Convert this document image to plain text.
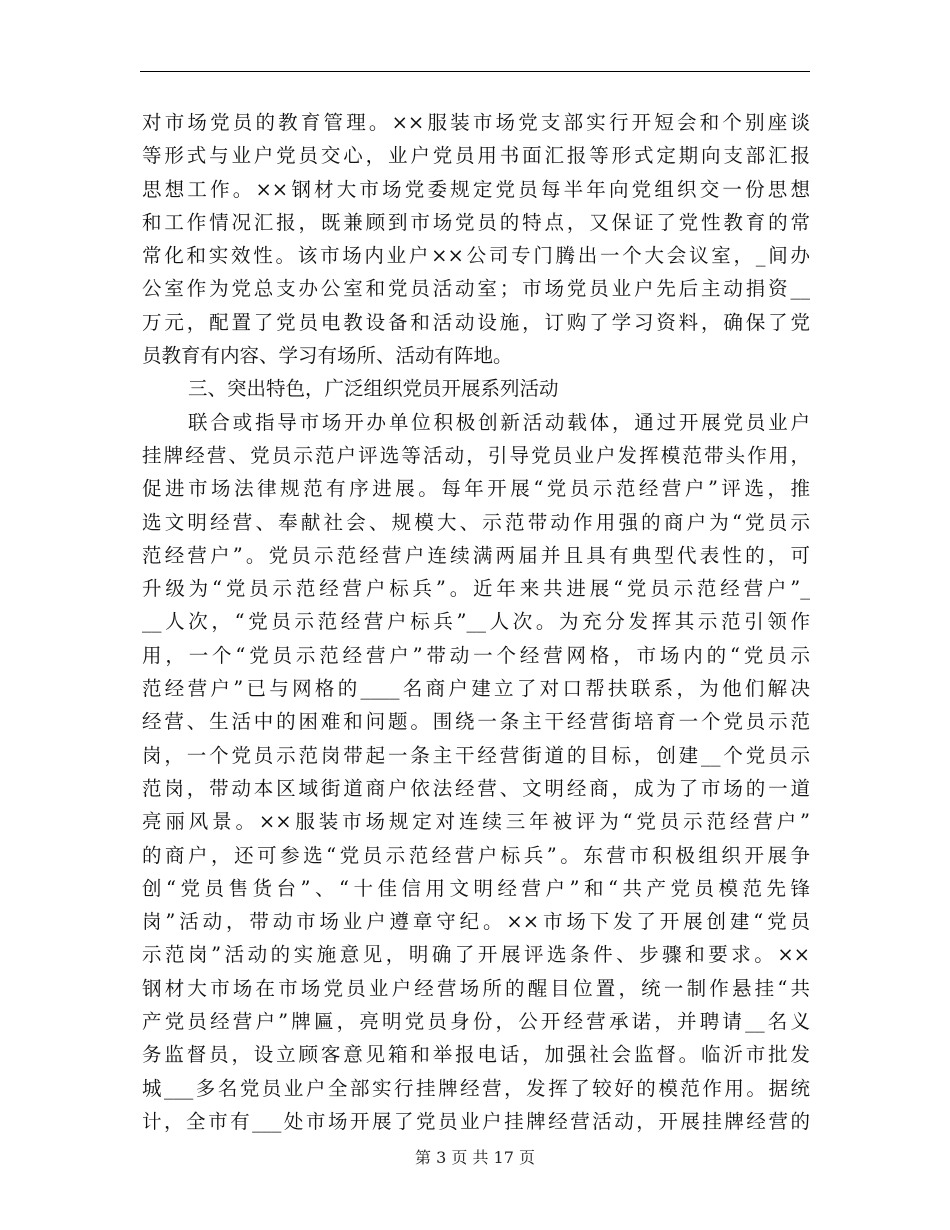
对市场党员的教育管理。××服装市场党支部实行开短会和个别座谈
等形式与业户党员交心，业户党员用书面汇报等形式定期向支部汇报
思想工作。××钢材大市场党委规定党员每半年向党组织交一份思想
和工作情况汇报，既兼顾到市场党员的特点，又保证了党性教育的常
常化和实效性。该市场内业户××公司专门腾出一个大会议室，_间办
公室作为党总支办公室和党员活动室；市场党员业户先后主动捐资__
万元，配置了党员电教设备和活动设施，订购了学习资料，确保了党
员教育有内容、学习有场所、活动有阵地。
三、突出特色，广泛组织党员开展系列活动
联合或指导市场开办单位积极创新活动载体，通过开展党员业户
挂牌经营、党员示范户评选等活动，引导党员业户发挥模范带头作用，
促进市场法律规范有序进展。每年开展“党员示范经营户”评选，推
选文明经营、奉献社会、规模大、示范带动作用强的商户为“党员示
范经营户”。党员示范经营户连续满两届并且具有典型代表性的，可
升级为“党员示范经营户标兵”。近年来共进展“党员示范经营户”_
__人次，“党员示范经营户标兵”__人次。为充分发挥其示范引领作
用，一个“党员示范经营户”带动一个经营网格，市场内的“党员示
范经营户”已与网格的____名商户建立了对口帮扶联系，为他们解决
经营、生活中的困难和问题。围绕一条主干经营街培育一个党员示范
岗，一个党员示范岗带起一条主干经营街道的目标，创建__个党员示
范岗，带动本区域街道商户依法经营、文明经商，成为了市场的一道
亮丽风景。××服装市场规定对连续三年被评为“党员示范经营户”
的商户，还可参选“党员示范经营户标兵”。东营市积极组织开展争
创“党员售货台”、“十佳信用文明经营户”和“共产党员模范先锋
岗”活动，带动市场业户遵章守纪。××市场下发了开展创建“党员
示范岗”活动的实施意见，明确了开展评选条件、步骤和要求。××
钢材大市场在市场党员业户经营场所的醒目位置，统一制作悬挂“共
产党员经营户”牌匾，亮明党员身份，公开经营承诺，并聘请__名义
务监督员，设立顾客意见箱和举报电话，加强社会监督。临沂市批发
城___多名党员业户全部实行挂牌经营，发挥了较好的模范作用。据统
计，全市有___处市场开展了党员业户挂牌经营活动，开展挂牌经营的
第 3 页 共 17 页
